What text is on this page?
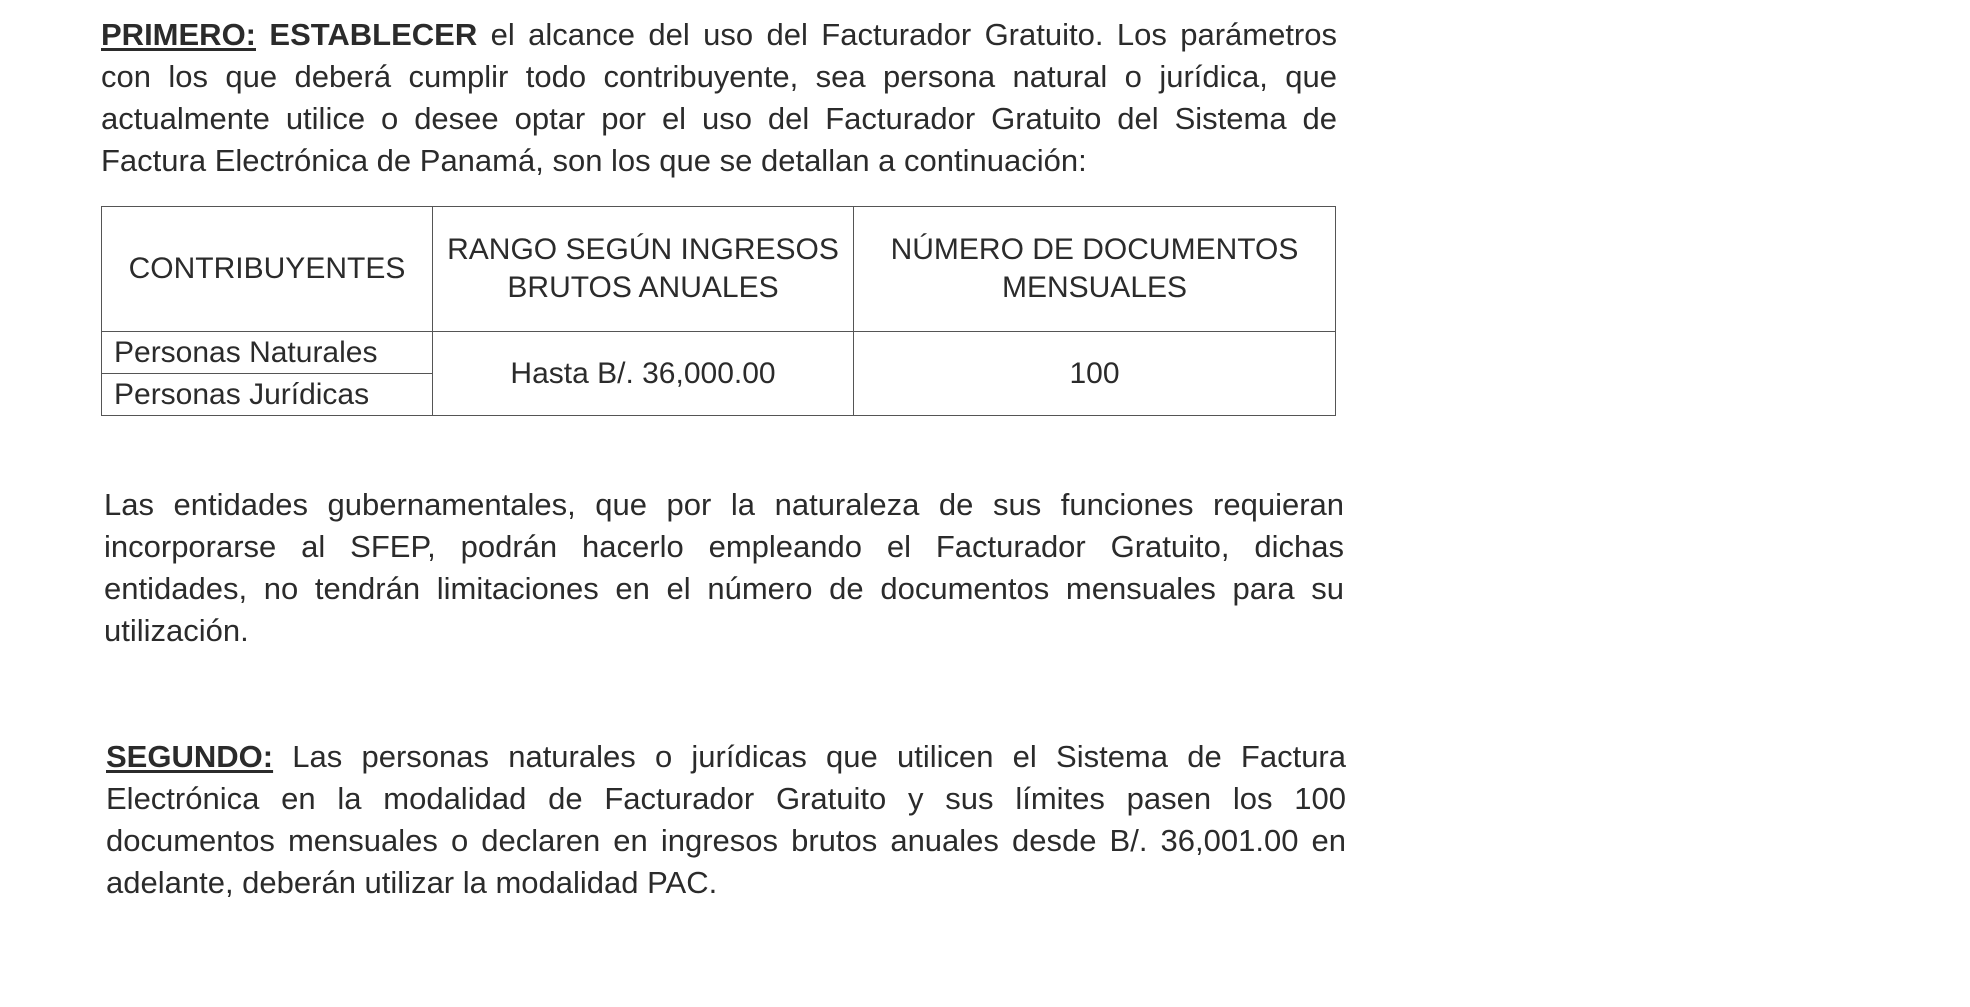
PRIMERO: ESTABLECER el alcance del uso del Facturador Gratuito. Los parámetros con los que deberá cumplir todo contribuyente, sea persona natural o jurídica, que actualmente utilice o desee optar por el uso del Facturador Gratuito del Sistema de Factura Electrónica de Panamá, son los que se detallan a continuación:

CONTRIBUYENTES	RANGO SEGÚN INGRESOS BRUTOS ANUALES	NÚMERO DE DOCUMENTOS MENSUALES
Personas Naturales	Hasta B/. 36,000.00	100
Personas Jurídicas		

Las entidades gubernamentales, que por la naturaleza de sus funciones requieran incorporarse al SFEP, podrán hacerlo empleando el Facturador Gratuito, dichas entidades, no tendrán limitaciones en el número de documentos mensuales para su utilización.

SEGUNDO: Las personas naturales o jurídicas que utilicen el Sistema de Factura Electrónica en la modalidad de Facturador Gratuito y sus límites pasen los 100 documentos mensuales o declaren en ingresos brutos anuales desde B/. 36,001.00 en adelante, deberán utilizar la modalidad PAC.
